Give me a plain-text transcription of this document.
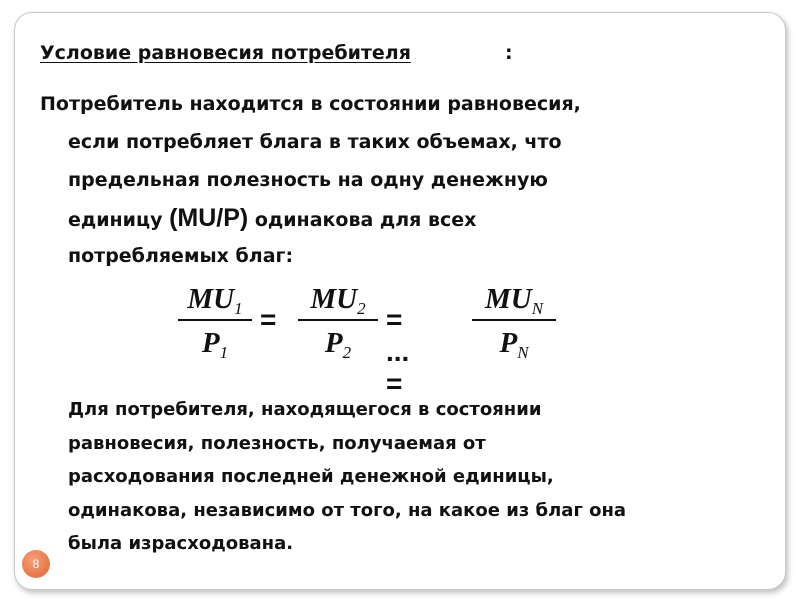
Условие равновесия потребителя	:
Потребитель находится в состоянии равновесия,
если потребляет блага в таких объемах, что
предельная полезность на одну денежную
единицу (MU/P) одинакова для всех
потребляемых благ:
$MU_1$
$P_1$
=
$MU_2$
$P_2$
= ... =
$MU_N$
$P_N$
Для потребителя, находящегося в состоянии
равновесия, полезность, получаемая от
расходования последней денежной единицы,
одинакова, независимо от того, на какое из благ она
была израсходована.
8
